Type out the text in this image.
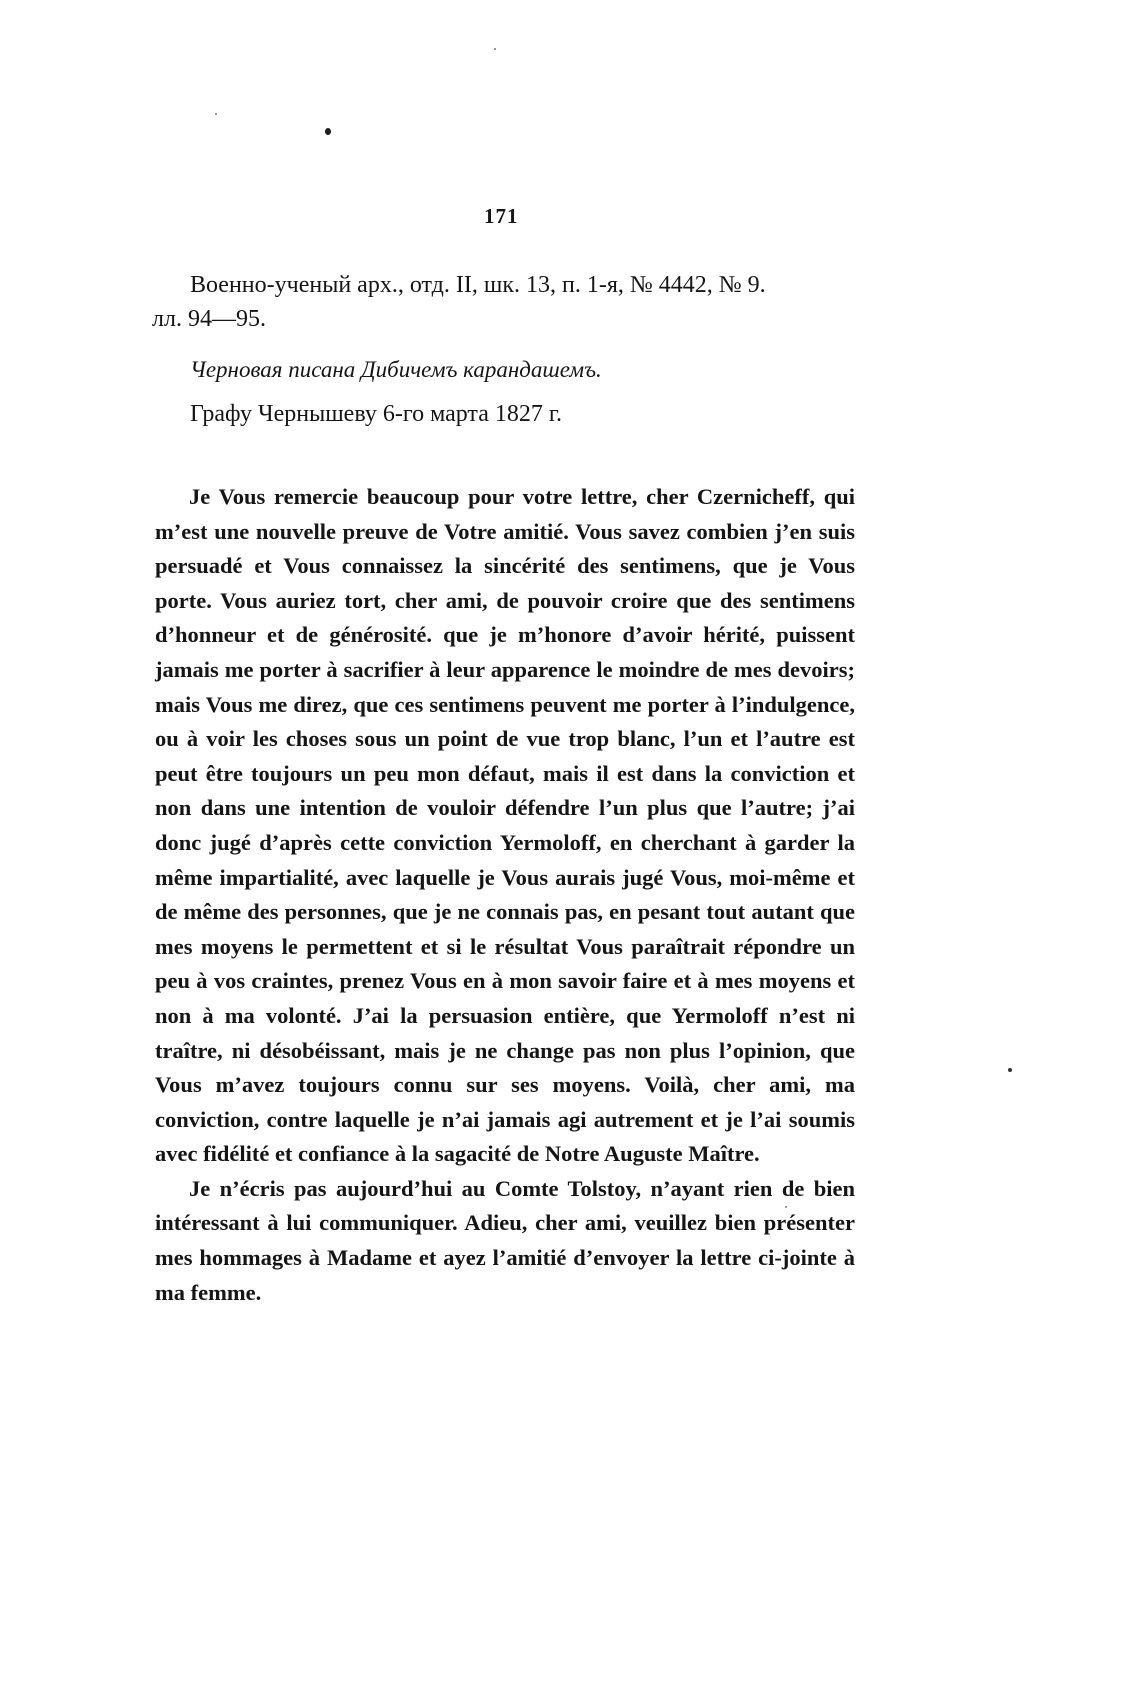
171
Военно-ученый арх., отд. II, шк. 13, п. 1-я, № 4442, № 9.
лл. 94—95.
Черновая писана Дибичемъ карандашемъ.
Графу Чернышеву 6-го марта 1827 г.

Je Vous remercie beaucoup pour votre lettre, cher Czernicheff, qui m’est une nouvelle preuve de Votre amitié. Vous savez combien j’en suis persuadé et Vous connaissez la sincérité des sentimens, que je Vous porte. Vous auriez tort, cher ami, de pouvoir croire que des sentimens d’honneur et de générosité. que je m’honore d’avoir hérité, puissent jamais me porter à sacrifier à leur apparence le moindre de mes devoirs; mais Vous me direz, que ces sentimens peuvent me porter à l’indulgence, ou à voir les choses sous un point de vue trop blanc, l’un et l’autre est peut être toujours un peu mon défaut, mais il est dans la conviction et non dans une intention de vouloir défendre l’un plus que l’autre; j’ai donc jugé d’après cette conviction Yermoloff, en cherchant à garder la même impartialité, avec laquelle je Vous aurais jugé Vous, moi-même et de même des personnes, que je ne connais pas, en pesant tout autant que mes moyens le permettent et si le résultat Vous paraîtrait répondre un peu à vos craintes, prenez Vous en à mon savoir faire et à mes moyens et non à ma volonté. J’ai la persuasion entière, que Yermoloff n’est ni traître, ni désobéissant, mais je ne change pas non plus l’opinion, que Vous m’avez toujours connu sur ses moyens. Voilà, cher ami, ma conviction, contre laquelle je n’ai jamais agi autrement et je l’ai soumis avec fidélité et confiance à la sagacité de Notre Auguste Maître.

Je n’écris pas aujourd’hui au Comte Tolstoy, n’ayant rien de bien intéressant à lui communiquer. Adieu, cher ami, veuillez bien présenter mes hommages à Madame et ayez l’amitié d’envoyer la lettre ci-jointe à ma femme.
